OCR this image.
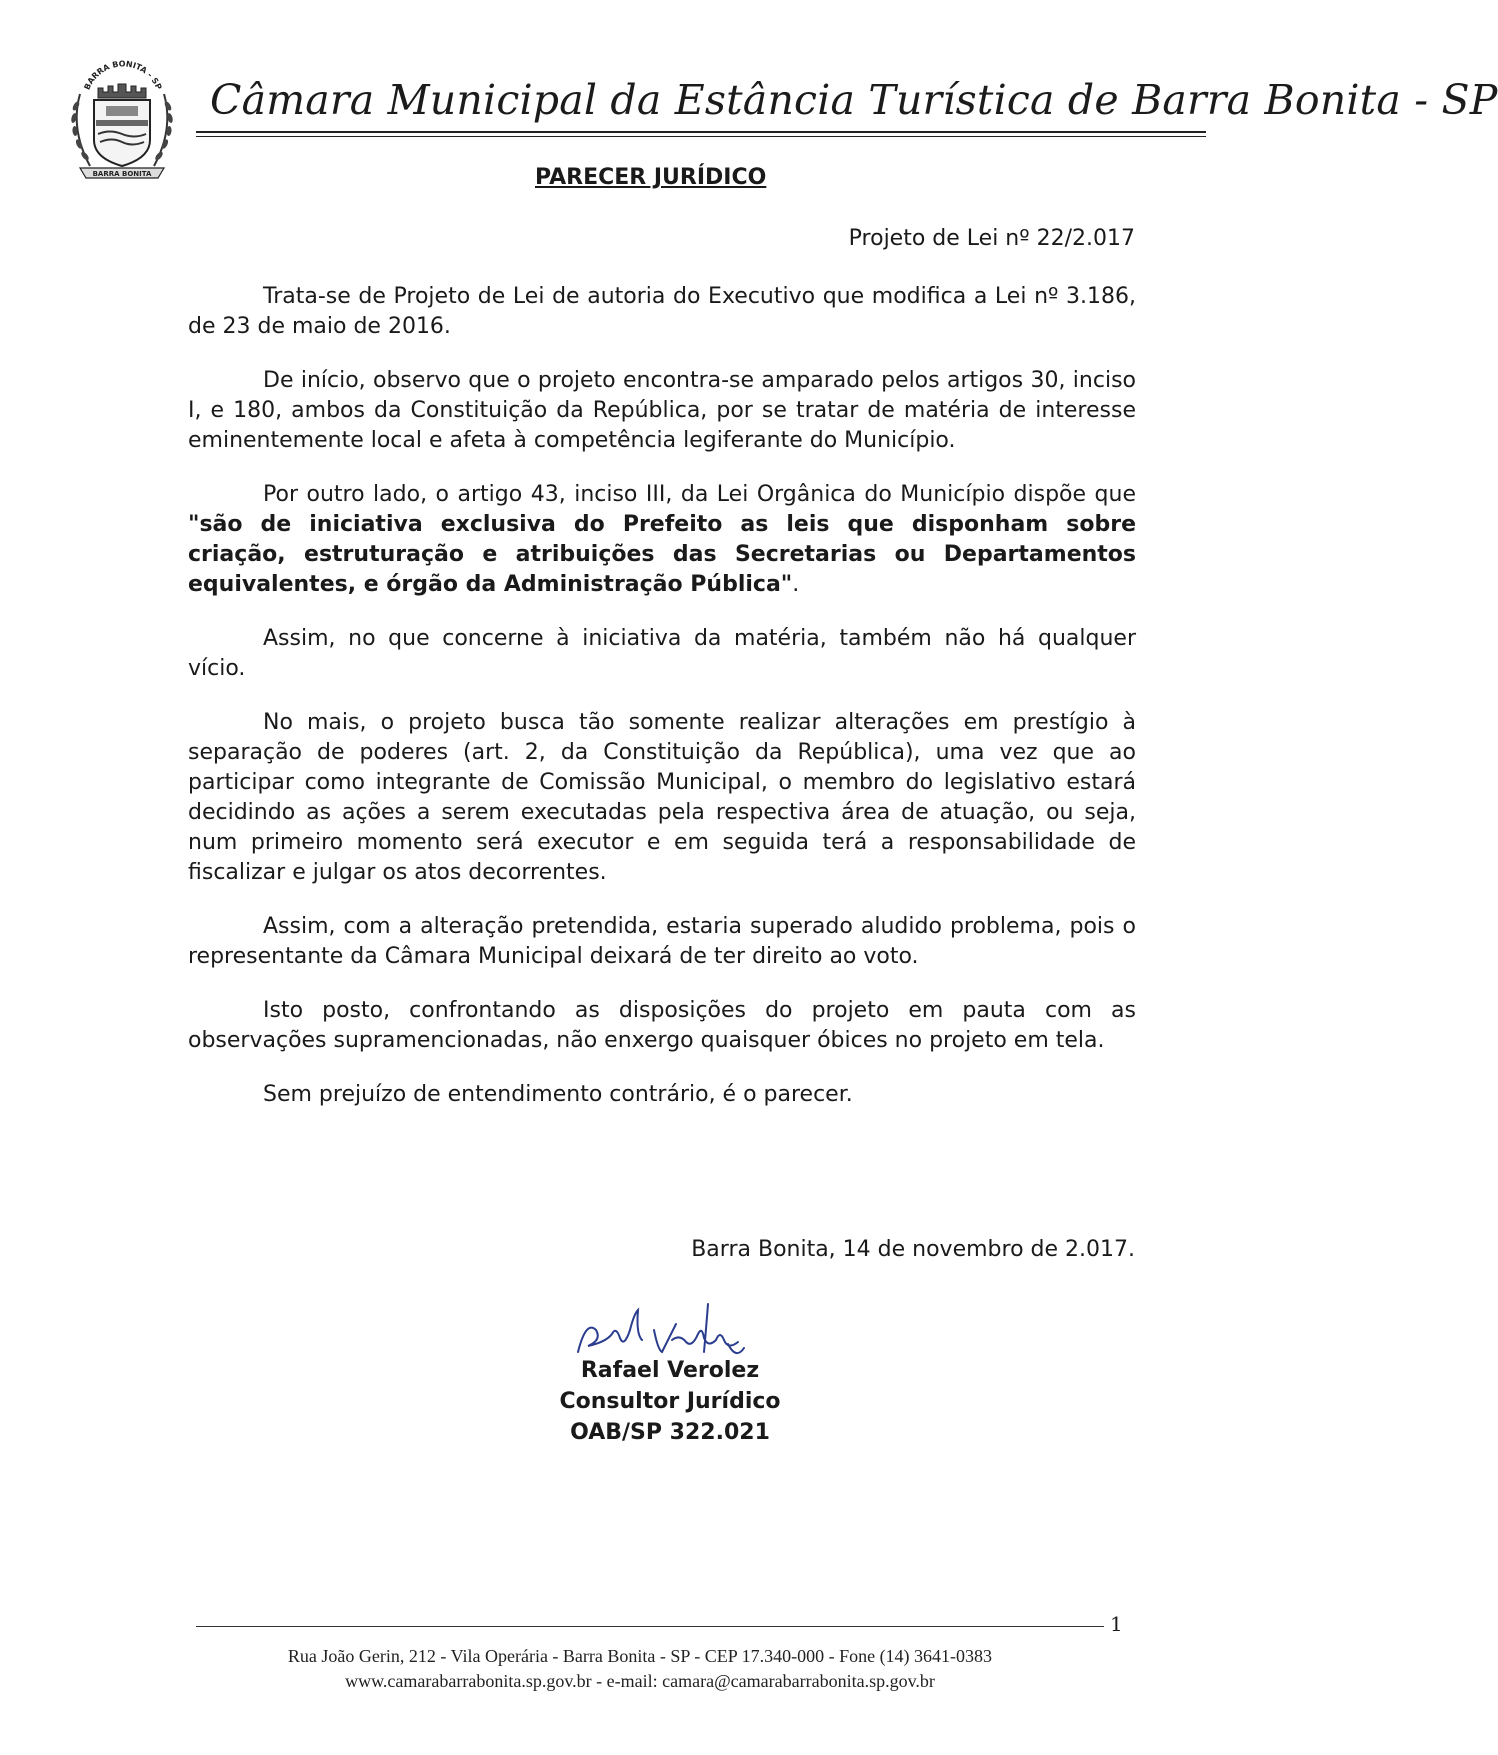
BARRA BONITA - SP
BARRA BONITA
Câmara Municipal da Estância Turística de Barra Bonita - SP
PARECER JURÍDICO
Projeto de Lei nº 22/2.017

Trata-se de Projeto de Lei de autoria do Executivo que modifica a Lei nº 3.186, de 23 de maio de 2016.

De início, observo que o projeto encontra-se amparado pelos artigos 30, inciso I, e 180, ambos da Constituição da República, por se tratar de matéria de interesse eminentemente local e afeta à competência legiferante do Município.

Por outro lado, o artigo 43, inciso III, da Lei Orgânica do Município dispõe que "são de iniciativa exclusiva do Prefeito as leis que disponham sobre criação, estruturação e atribuições das Secretarias ou Departamentos equivalentes, e órgão da Administração Pública".

Assim, no que concerne à iniciativa da matéria, também não há qualquer vício.

No mais, o projeto busca tão somente realizar alterações em prestígio à separação de poderes (art. 2, da Constituição da República), uma vez que ao participar como integrante de Comissão Municipal, o membro do legislativo estará decidindo as ações a serem executadas pela respectiva área de atuação, ou seja, num primeiro momento será executor e em seguida terá a responsabilidade de fiscalizar e julgar os atos decorrentes.

Assim, com a alteração pretendida, estaria superado aludido problema, pois o representante da Câmara Municipal deixará de ter direito ao voto.

Isto posto, confrontando as disposições do projeto em pauta com as observações supramencionadas, não enxergo quaisquer óbices no projeto em tela.

Sem prejuízo de entendimento contrário, é o parecer.

Barra Bonita, 14 de novembro de 2.017.
Rafael Verolez
Consultor Jurídico
OAB/SP 322.021
1
Rua João Gerin, 212 - Vila Operária - Barra Bonita - SP - CEP 17.340-000 - Fone (14) 3641-0383
www.camarabarrabonita.sp.gov.br - e-mail: camara@camarabarrabonita.sp.gov.br
